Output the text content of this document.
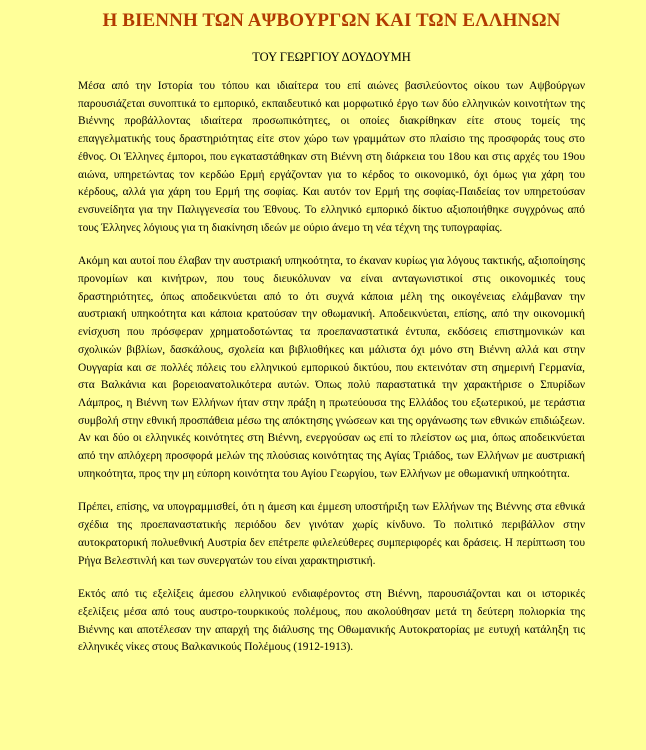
Η ΒΙΕΝΝΗ ΤΩΝ ΑΨΒΟΥΡΓΩΝ ΚΑΙ ΤΩΝ ΕΛΛΗΝΩΝ
ΤΟΥ ΓΕΩΡΓΙΟΥ ΔΟΥΔΟΥΜΗ

Μέσα από την Ιστορία του τόπου και ιδιαίτερα του επί αιώνες βασιλεύοντος οίκου των Αψβούργων παρουσιάζεται συνοπτικά το εμπορικό, εκπαιδευτικό και μορφωτικό έργο των δύο ελληνικών κοινοτήτων της Βιέννης προβάλλοντας ιδιαίτερα προσωπικότητες, οι οποίες διακρίθηκαν είτε στους τομείς της επαγγελματικής τους δραστηριότητας είτε στον χώρο των γραμμάτων στο πλαίσιο της προσφοράς τους στο έθνος. Οι Έλληνες έμποροι, που εγκαταστάθηκαν στη Βιέννη στη διάρκεια του 18ου και στις αρχές του 19ου αιώνα, υπηρετώντας τον κερδώο Ερμή εργάζονταν για το κέρδος το οικονομικό, όχι όμως για χάρη του κέρδους, αλλά για χάρη του Ερμή της σοφίας. Και αυτόν τον Ερμή της σοφίας-Παιδείας τον υπηρετούσαν ενσυνείδητα για την Παλιγγενεσία του Έθνους. Το ελληνικό εμπορικό δίκτυο αξιοποιήθηκε συγχρόνως από τους Έλληνες λόγιους για τη διακίνηση ιδεών με ούριο άνεμο τη νέα τέχνη της τυπογραφίας.

Ακόμη και αυτοί που έλαβαν την αυστριακή υπηκοότητα, το έκαναν κυρίως για λόγους τακτικής, αξιοποίησης προνομίων και κινήτρων, που τους διευκόλυναν να είναι ανταγωνιστικοί στις οικονομικές τους δραστηριότητες, όπως αποδεικνύεται από το ότι συχνά κάποια μέλη της οικογένειας ελάμβαναν την αυστριακή υπηκοότητα και κάποια κρατούσαν την οθωμανική. Αποδεικνύεται, επίσης, από την οικονομική ενίσχυση που πρόσφεραν χρηματοδοτώντας τα προεπαναστατικά έντυπα, εκδόσεις επιστημονικών και σχολικών βιβλίων, δασκάλους, σχολεία και βιβλιοθήκες και μάλιστα όχι μόνο στη Βιέννη αλλά και στην Ουγγαρία και σε πολλές πόλεις του ελληνικού εμπορικού δικτύου, που εκτεινόταν στη σημερινή Γερμανία, στα Βαλκάνια και βορειοανατολικότερα αυτών. Όπως πολύ παραστατικά την χαρακτήρισε ο Σπυρίδων Λάμπρος, η Βιέννη των Ελλήνων ήταν στην πράξη η πρωτεύουσα της Ελλάδος του εξωτερικού, με τεράστια συμβολή στην εθνική προσπάθεια μέσω της απόκτησης γνώσεων και της οργάνωσης των εθνικών επιδιώξεων. Αν και δύο οι ελληνικές κοινότητες στη Βιέννη, ενεργούσαν ως επί το πλείστον ως μια, όπως αποδεικνύεται από την απλόχερη προσφορά μελών της πλούσιας κοινότητας της Αγίας Τριάδος, των Ελλήνων με αυστριακή υπηκοότητα, προς την μη εύπορη κοινότητα του Αγίου Γεωργίου, των Ελλήνων με οθωμανική υπηκοότητα.

Πρέπει, επίσης, να υπογραμμισθεί, ότι η άμεση και έμμεση υποστήριξη των Ελλήνων της Βιέννης στα εθνικά σχέδια της προεπαναστατικής περιόδου δεν γινόταν χωρίς κίνδυνο. Το πολιτικό περιβάλλον στην αυτοκρατορική πολυεθνική Αυστρία δεν επέτρεπε φιλελεύθερες συμπεριφορές και δράσεις. Η περίπτωση του Ρήγα Βελεστινλή και των συνεργατών του είναι χαρακτηριστική.

Εκτός από τις εξελίξεις άμεσου ελληνικού ενδιαφέροντος στη Βιέννη, παρουσιάζονται και οι ιστορικές εξελίξεις μέσα από τους αυστρο-τουρκικούς πολέμους, που ακολούθησαν μετά τη δεύτερη πολιορκία της Βιέννης και αποτέλεσαν την απαρχή της διάλυσης της Οθωμανικής Αυτοκρατορίας με ευτυχή κατάληξη τις ελληνικές νίκες στους Βαλκανικούς Πολέμους (1912-1913).
